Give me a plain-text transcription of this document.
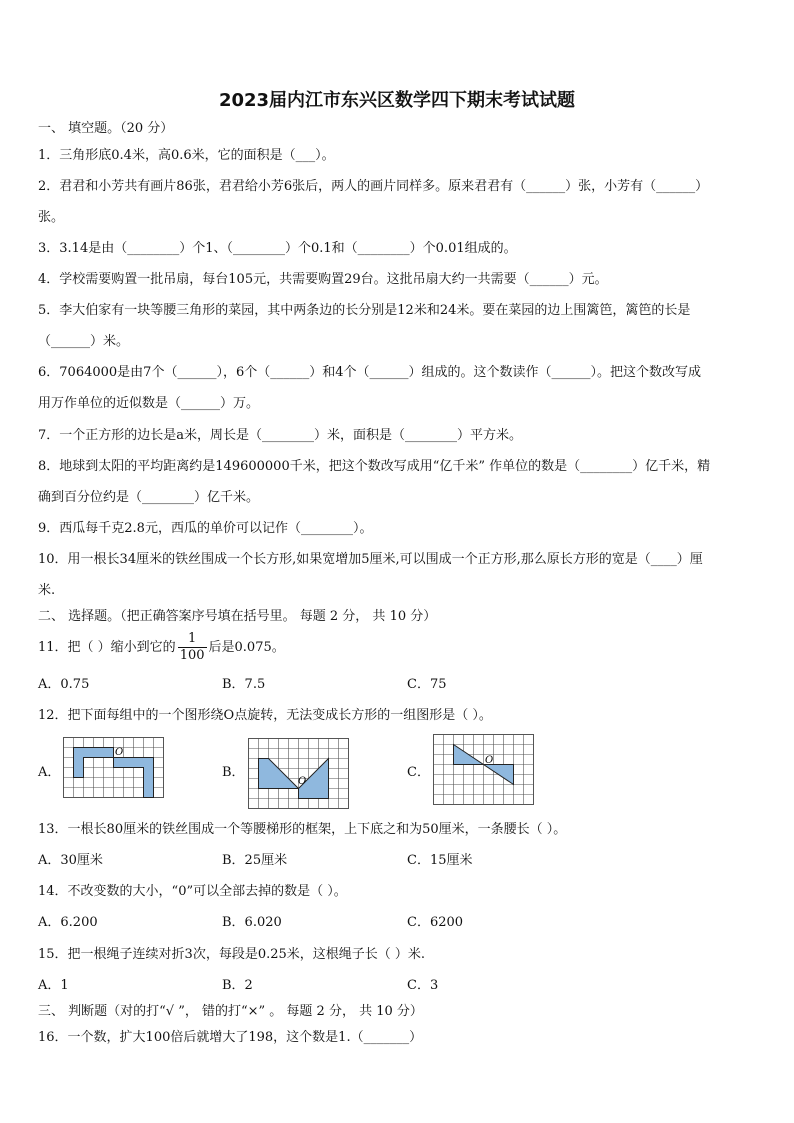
2023届内江市东兴区数学四下期末考试试题
一、 填空题。（20 分）
1．三角形底0.4米，高0.6米，它的面积是（___）。
2．君君和小芳共有画片86张，君君给小芳6张后，两人的画片同样多。原来君君有（______）张，小芳有（______）
张。
3．3.14是由（________）个1、（________）个0.1和（________）个0.01组成的。
4．学校需要购置一批吊扇，每台105元，共需要购置29台。这批吊扇大约一共需要（______）元。
5．李大伯家有一块等腰三角形的菜园，其中两条边的长分别是12米和24米。要在菜园的边上围篱笆，篱笆的长是
（______）米。
6．7064000是由7个（______），6个（______）和4个（______）组成的。这个数读作（______）。把这个数改写成
用万作单位的近似数是（______）万。
7．一个正方形的边长是a米，周长是（________）米，面积是（________）平方米。
8．地球到太阳的平均距离约是149600000千米，把这个数改写成用“亿千米” 作单位的数是（________）亿千米，精
确到百分位约是（________）亿千米。
9．西瓜每千克2.8元，西瓜的单价可以记作（________）。
10．用一根长34厘米的铁丝围成一个长方形,如果宽增加5厘米,可以围成一个正方形,那么原长方形的宽是（____）厘
米.
二、 选择题。（把正确答案序号填在括号里。 每题 2 分， 共 10 分）
11．把（ ）缩小到它的 $\frac{1}{100}$ 后是0.075。
A．0.75	B．7.5	C．75
12．把下面每组中的一个图形绕O点旋转，无法变成长方形的一组图形是（ ）。
A．
O
B．
O
C．
O
13．一根长80厘米的铁丝围成一个等腰梯形的框架，上下底之和为50厘米，一条腰长（ ）。
A．30厘米	B．25厘米	C．15厘米
14．不改变数的大小，“0”可以全部去掉的数是（ ）。
A．6.200	B．6.020	C．6200
15．把一根绳子连续对折3次，每段是0.25米，这根绳子长（ ）米.
A．1	B．2	C．3
三、 判断题（对的打“√ ”， 错的打“×” 。 每题 2 分， 共 10 分）
16．一个数，扩大100倍后就增大了198，这个数是1.（_______）
